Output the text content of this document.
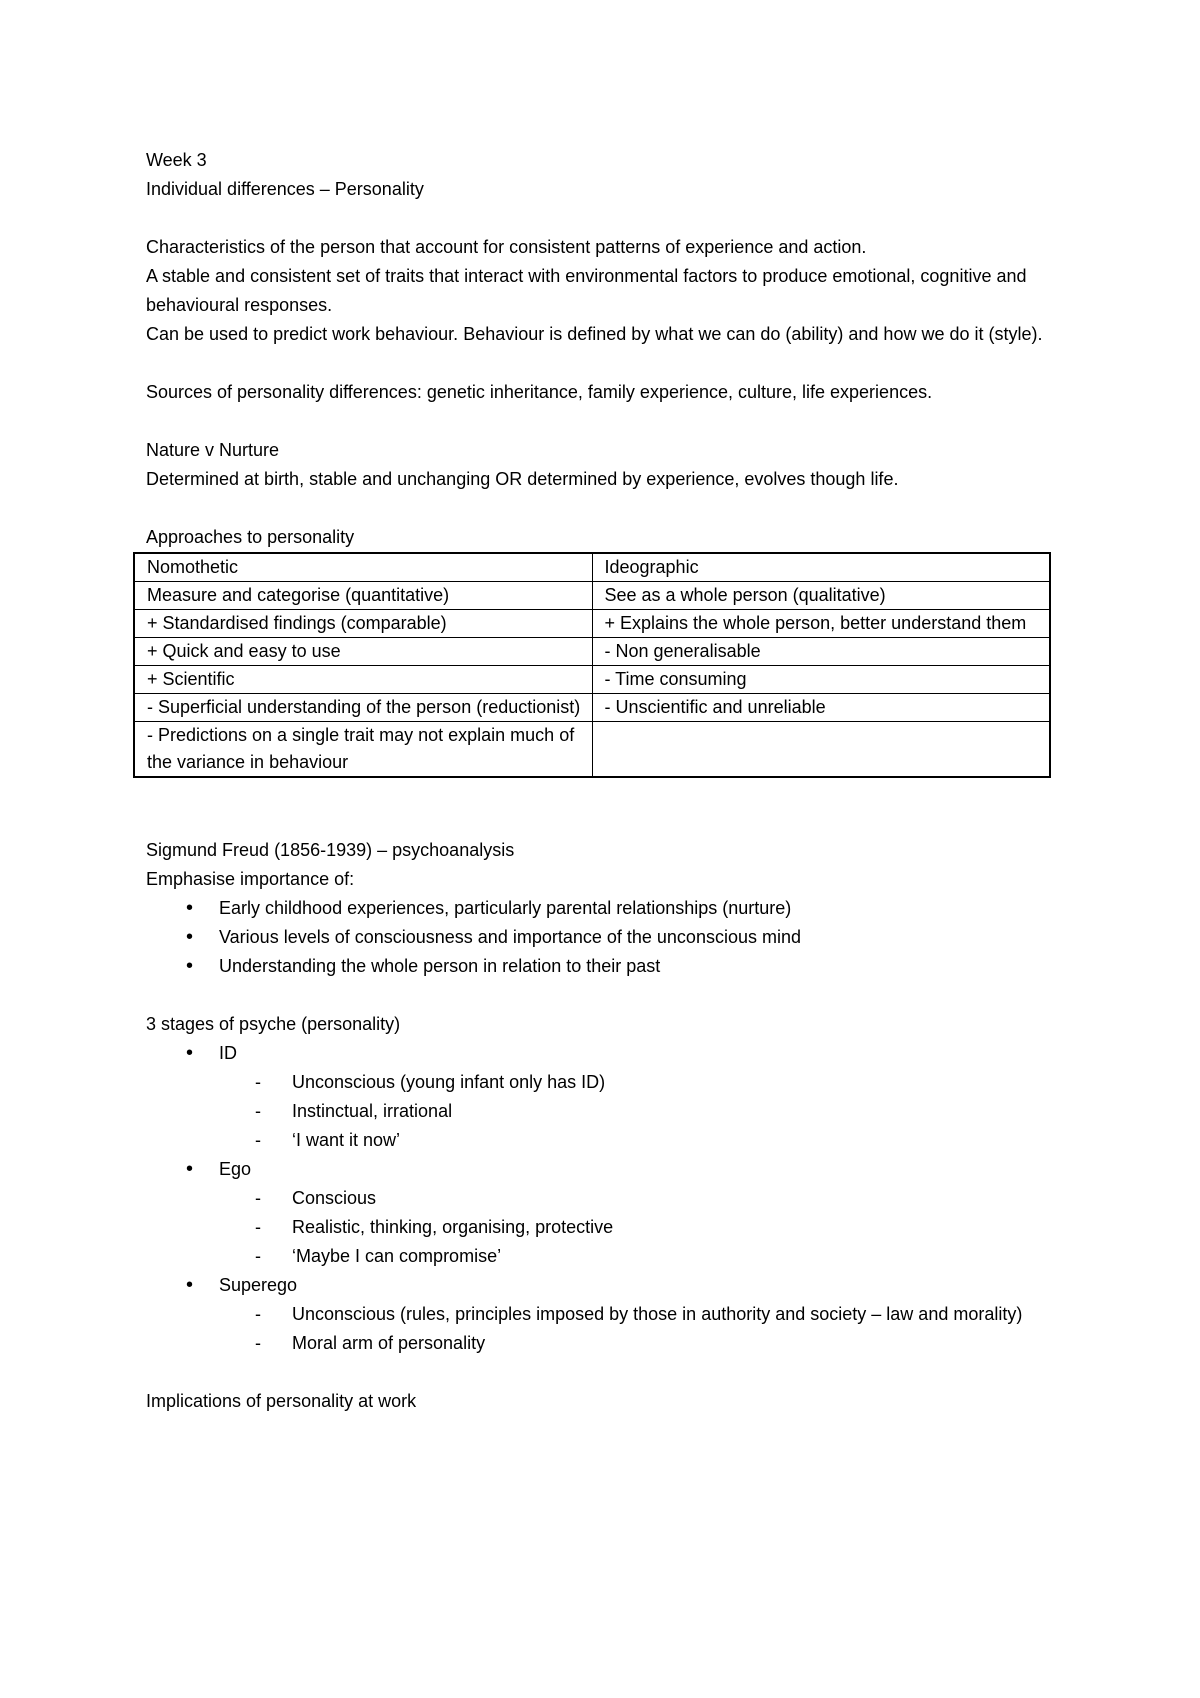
Week 3

Individual differences – Personality

Characteristics of the person that account for consistent patterns of experience and action.

A stable and consistent set of traits that interact with environmental factors to produce emotional, cognitive and behavioural responses.

Can be used to predict work behaviour. Behaviour is defined by what we can do (ability) and how we do it (style).

Sources of personality differences: genetic inheritance, family experience, culture, life experiences.

Nature v Nurture

Determined at birth, stable and unchanging OR determined by experience, evolves though life.

Approaches to personality

Nomothetic	Ideographic
Measure and categorise (quantitative)	See as a whole person (qualitative)
+ Standardised findings (comparable)	+ Explains the whole person, better understand them
+ Quick and easy to use	- Non generalisable
+ Scientific	- Time consuming
- Superficial understanding of the person (reductionist)	- Unscientific and unreliable
- Predictions on a single trait may not explain much of the variance in behaviour	

Sigmund Freud (1856-1939) – psychoanalysis

Emphasise importance of:

• Early childhood experiences, particularly parental relationships (nurture)
• Various levels of consciousness and importance of the unconscious mind
• Understanding the whole person in relation to their past

3 stages of psyche (personality)

• ID
- Unconscious (young infant only has ID)
- Instinctual, irrational
- ‘I want it now’
• Ego
- Conscious
- Realistic, thinking, organising, protective
- ‘Maybe I can compromise’
• Superego
- Unconscious (rules, principles imposed by those in authority and society – law and morality)
- Moral arm of personality

Implications of personality at work
